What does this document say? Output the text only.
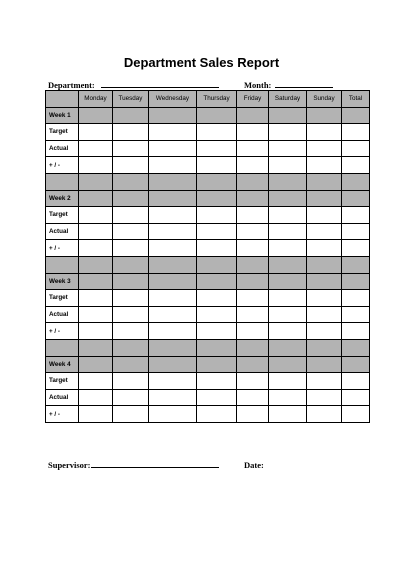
Department Sales Report
Department:	Month:
	Monday	Tuesday	Wednesday	Thursday	Friday	Saturday	Sunday	Total
Week 1								
Target								
Actual								
+ / -								

Week 2								
Target								
Actual								
+ / -								

Week 3								
Target								
Actual								
+ / -								

Week 4								
Target								
Actual								
+ / -								
Supervisor:	Date:
